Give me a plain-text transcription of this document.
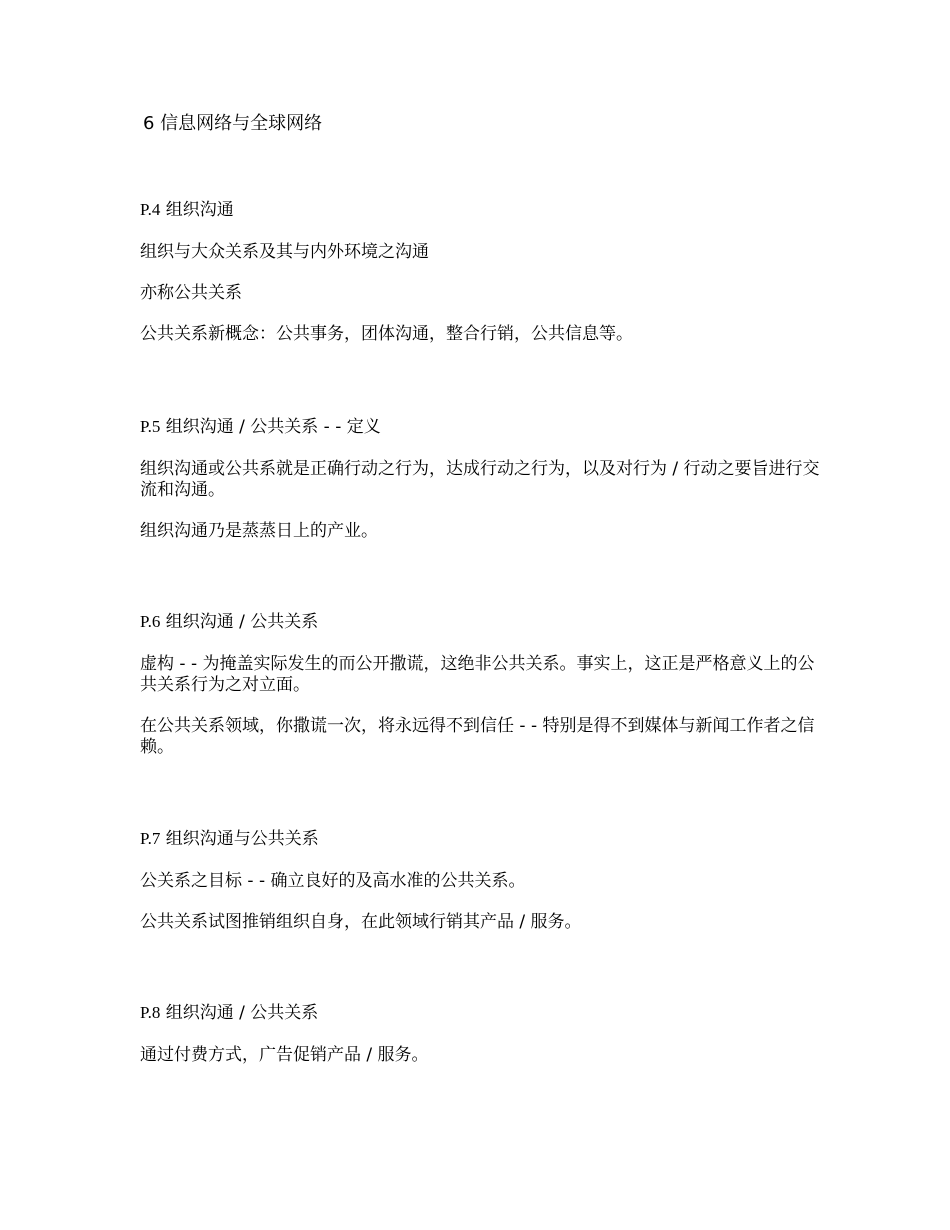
6 信息网络与全球网络

P.4 组织沟通

组织与大众关系及其与内外环境之沟通

亦称公共关系

公共关系新概念：公共事务，团体沟通，整合行销，公共信息等。

P.5 组织沟通 / 公共关系 - - 定义

组织沟通或公共系就是正确行动之行为，达成行动之行为，以及对行为 / 行动之要旨进行交流和沟通。

组织沟通乃是蒸蒸日上的产业。

P.6 组织沟通 / 公共关系

虚构 - - 为掩盖实际发生的而公开撒谎，这绝非公共关系。事实上，这正是严格意义上的公共关系行为之对立面。

在公共关系领域，你撒谎一次，将永远得不到信任 - - 特别是得不到媒体与新闻工作者之信赖。

P.7 组织沟通与公共关系

公关系之目标 - - 确立良好的及高水准的公共关系。

公共关系试图推销组织自身，在此领域行销其产品 / 服务。

P.8 组织沟通 / 公共关系

通过付费方式，广告促销产品 / 服务。
